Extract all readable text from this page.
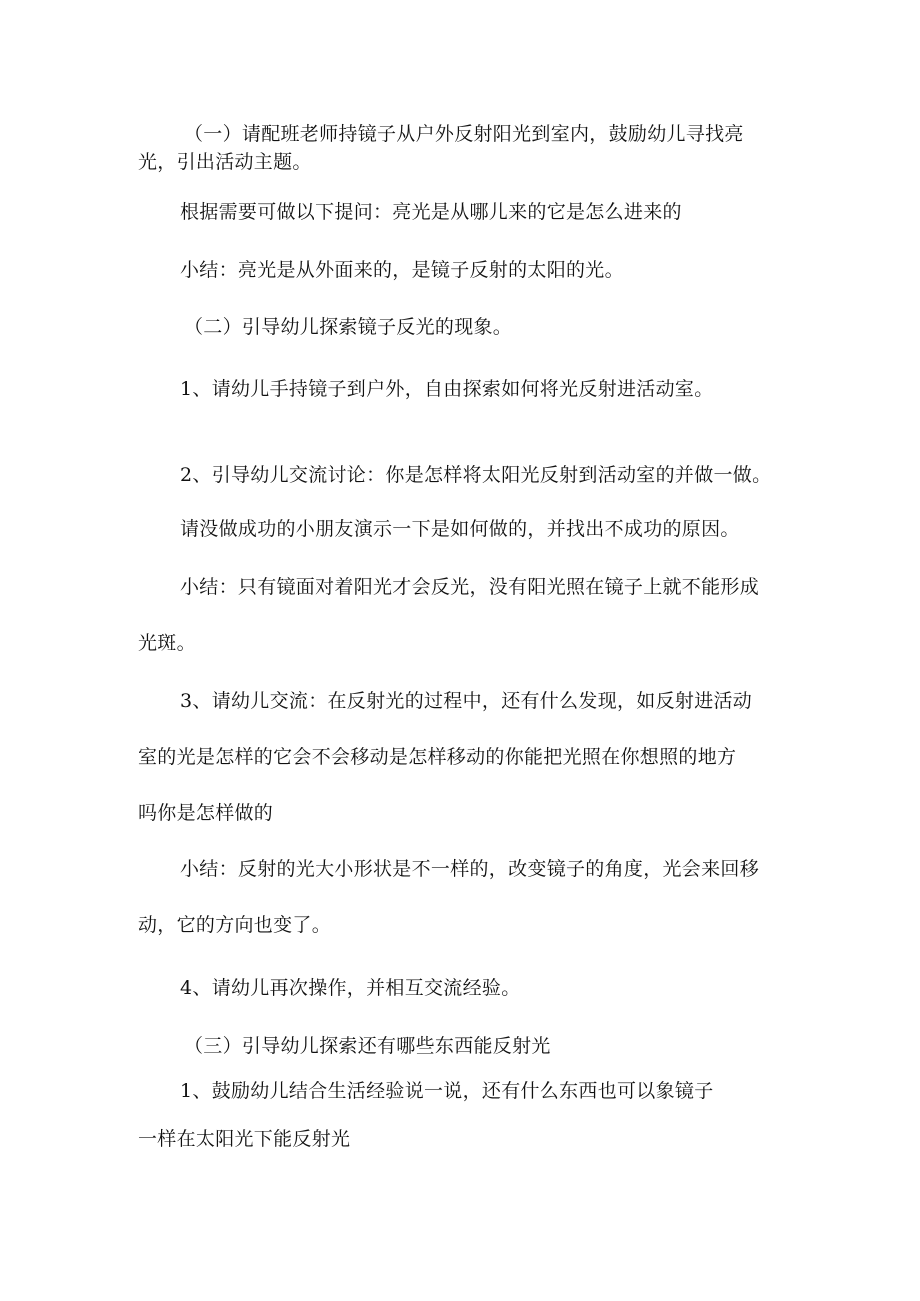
（一）请配班老师持镜子从户外反射阳光到室内，鼓励幼儿寻找亮

光，引出活动主题。

根据需要可做以下提问：亮光是从哪儿来的它是怎么进来的

小结：亮光是从外面来的，是镜子反射的太阳的光。

（二）引导幼儿探索镜子反光的现象。

1、请幼儿手持镜子到户外，自由探索如何将光反射进活动室。

2、引导幼儿交流讨论：你是怎样将太阳光反射到活动室的并做一做。

请没做成功的小朋友演示一下是如何做的，并找出不成功的原因。

小结：只有镜面对着阳光才会反光，没有阳光照在镜子上就不能形成

光斑。

3、请幼儿交流：在反射光的过程中，还有什么发现，如反射进活动

室的光是怎样的它会不会移动是怎样移动的你能把光照在你想照的地方

吗你是怎样做的

小结：反射的光大小形状是不一样的，改变镜子的角度，光会来回移

动，它的方向也变了。

4、请幼儿再次操作，并相互交流经验。

（三）引导幼儿探索还有哪些东西能反射光

1、鼓励幼儿结合生活经验说一说，还有什么东西也可以象镜子

一样在太阳光下能反射光
